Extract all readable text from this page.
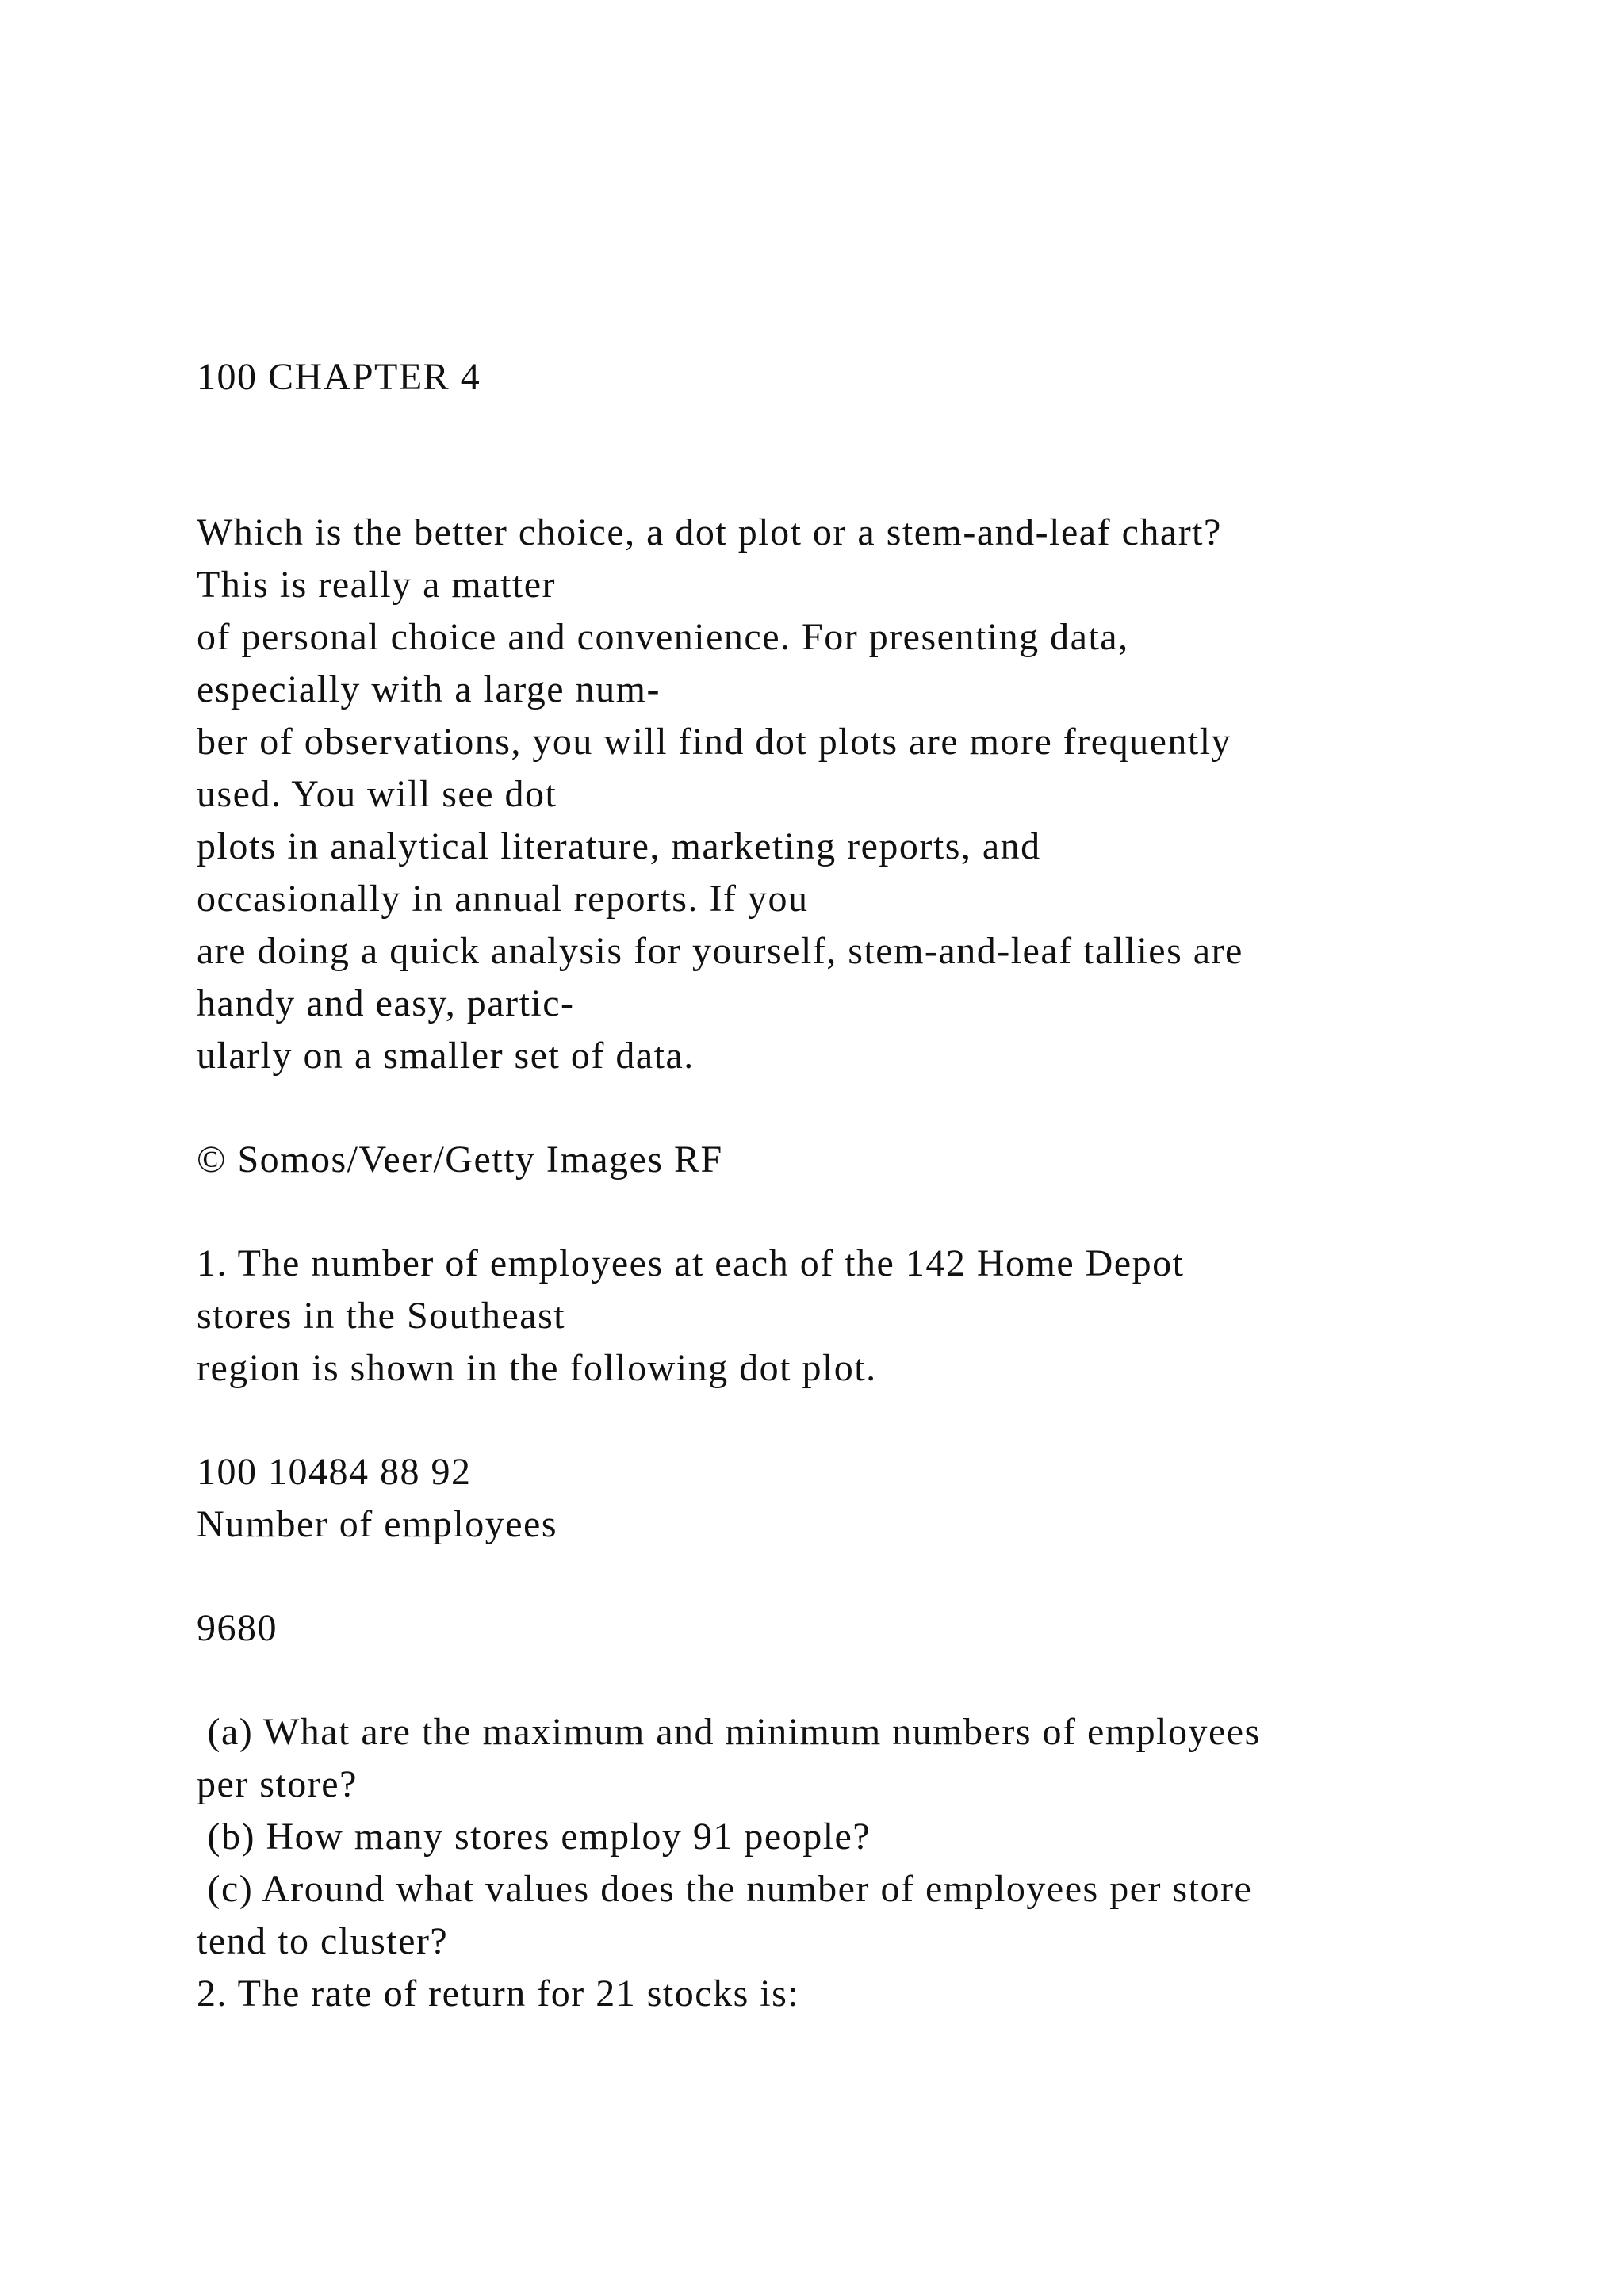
100 CHAPTER 4
Which is the better choice, a dot plot or a stem-and-leaf chart?
This is really a matter
of personal choice and convenience. For presenting data,
especially with a large num-
ber of observations, you will find dot plots are more frequently
used. You will see dot
plots in analytical literature, marketing reports, and
occasionally in annual reports. If you
are doing a quick analysis for yourself, stem-and-leaf tallies are
handy and easy, partic-
ularly on a smaller set of data.
© Somos/Veer/Getty Images RF
1. The number of employees at each of the 142 Home Depot
stores in the Southeast
region is shown in the following dot plot.
100 10484 88 92
Number of employees
9680
(a) What are the maximum and minimum numbers of employees
per store?
(b) How many stores employ 91 people?
(c) Around what values does the number of employees per store
tend to cluster?
2. The rate of return for 21 stocks is:
